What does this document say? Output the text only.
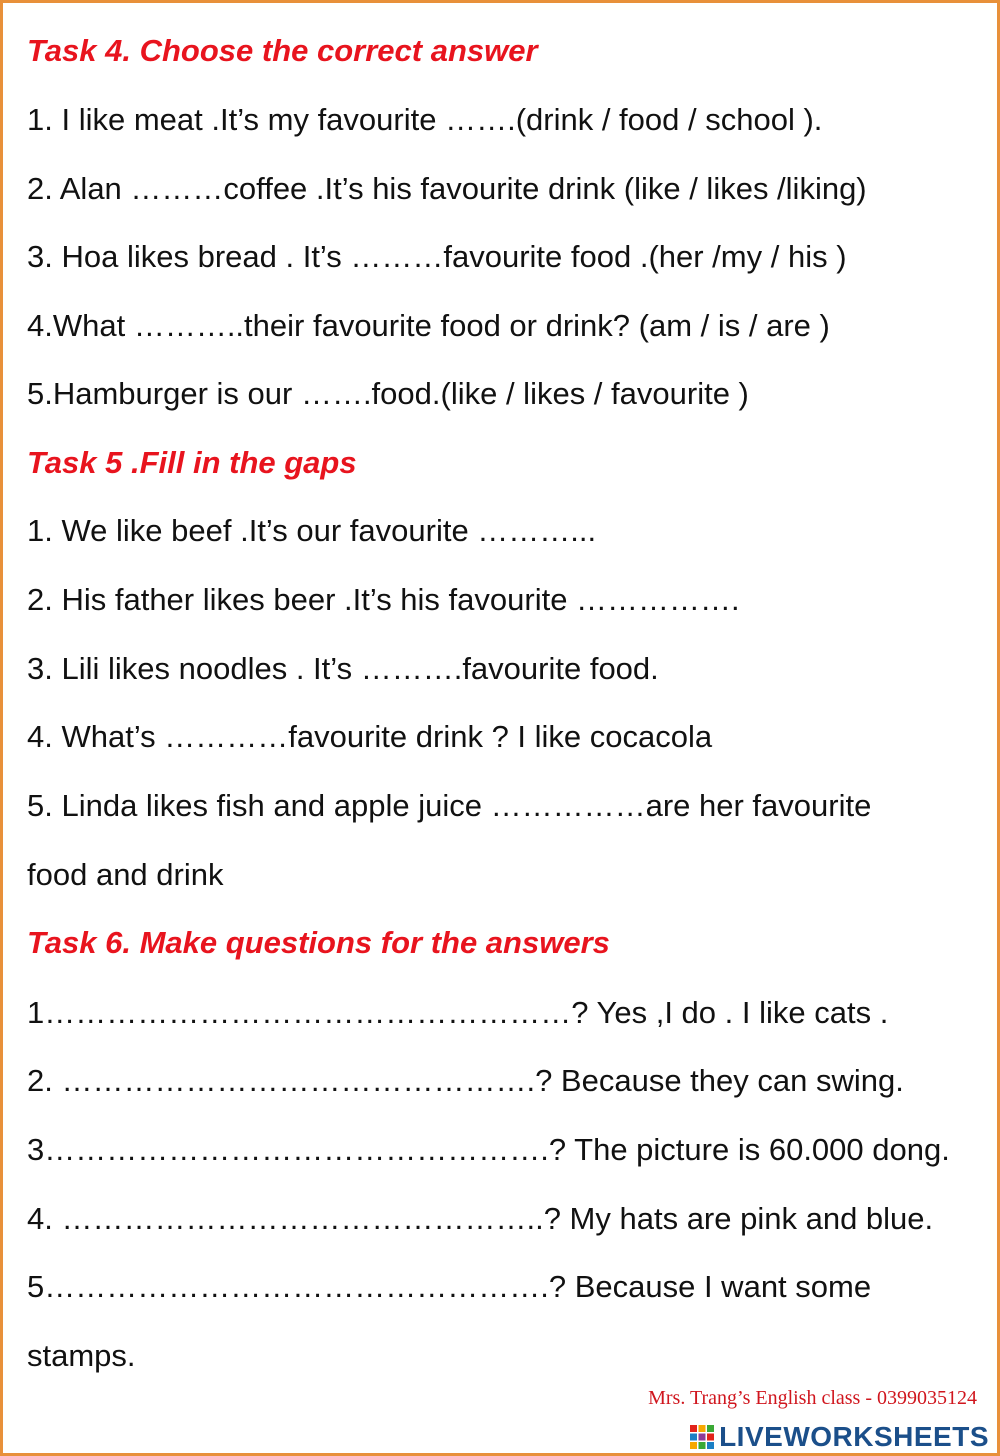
Task 4. Choose the correct answer
1. I like meat .It’s my favourite …….(drink / food / school ).
2. Alan ………coffee .It’s his favourite drink (like / likes /liking)
3. Hoa likes bread . It’s ………favourite food .(her /my / his )
4.What ………..their favourite food or drink? (am / is / are )
5.Hamburger is our …….food.(like / likes / favourite )
Task 5 .Fill in the gaps
1. We like beef .It’s our favourite ………...
2. His father likes beer .It’s his favourite …………….
3. Lili likes noodles . It’s ……….favourite food.
4. What’s …………favourite drink ? I like cocacola
5. Linda likes fish and apple juice ……………are her favourite
food and drink
Task 6. Make questions for the answers
1……………………………………………? Yes ,I do . I like cats .
2. ……………………………………….? Because they can swing.
3………………………………………….? The picture is 60.000 dong.
4. ………………………………………..? My hats are pink and blue.
5………………………………………….? Because I want some
stamps.
Mrs. Trang’s English class - 0399035124
LIVEWORKSHEETS
